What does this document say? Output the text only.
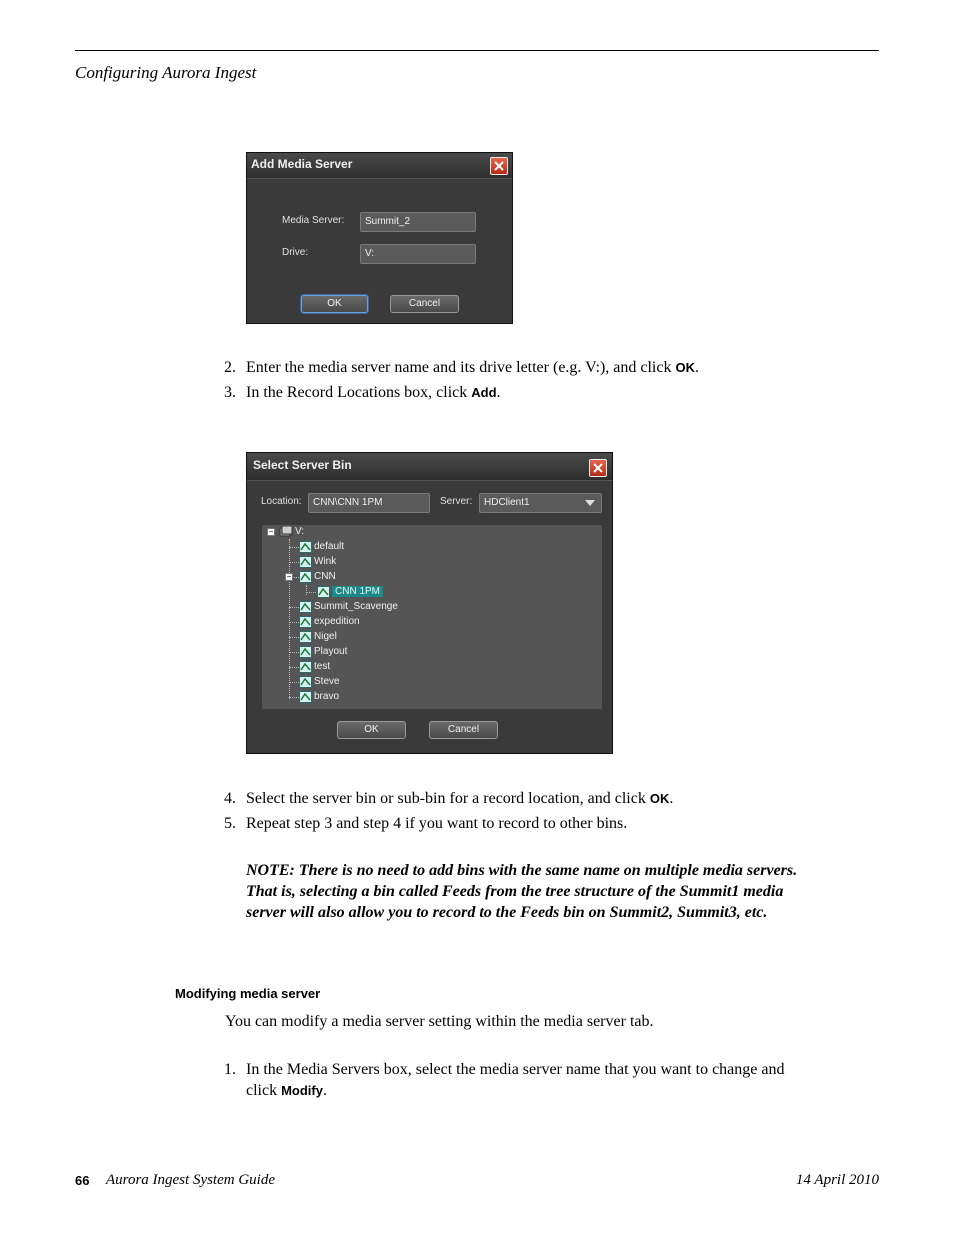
Configuring Aurora Ingest
Add Media Server
Media Server:	Summit_2
Drive:	V:
OK	Cancel
2. Enter the media server name and its drive letter (e.g. V:), and click OK.
3. In the Record Locations box, click Add.
Select Server Bin
Location:	CNN\CNN 1PM	Server:	HDClient1
−	V:
default
Wink
−	CNN
CNN 1PM
Summit_Scavenge
expedition
Nigel
Playout
test
Steve
bravo
OK	Cancel
4. Select the server bin or sub-bin for a record location, and click OK.
5. Repeat step 3 and step 4 if you want to record to other bins.
NOTE: There is no need to add bins with the same name on multiple media servers. That is, selecting a bin called Feeds from the tree structure of the Summit1 media server will also allow you to record to the Feeds bin on Summit2, Summit3, etc.
Modifying media server
You can modify a media server setting within the media server tab.
1. In the Media Servers box, select the media server name that you want to change and click Modify.
66 Aurora Ingest System Guide	14 April 2010
